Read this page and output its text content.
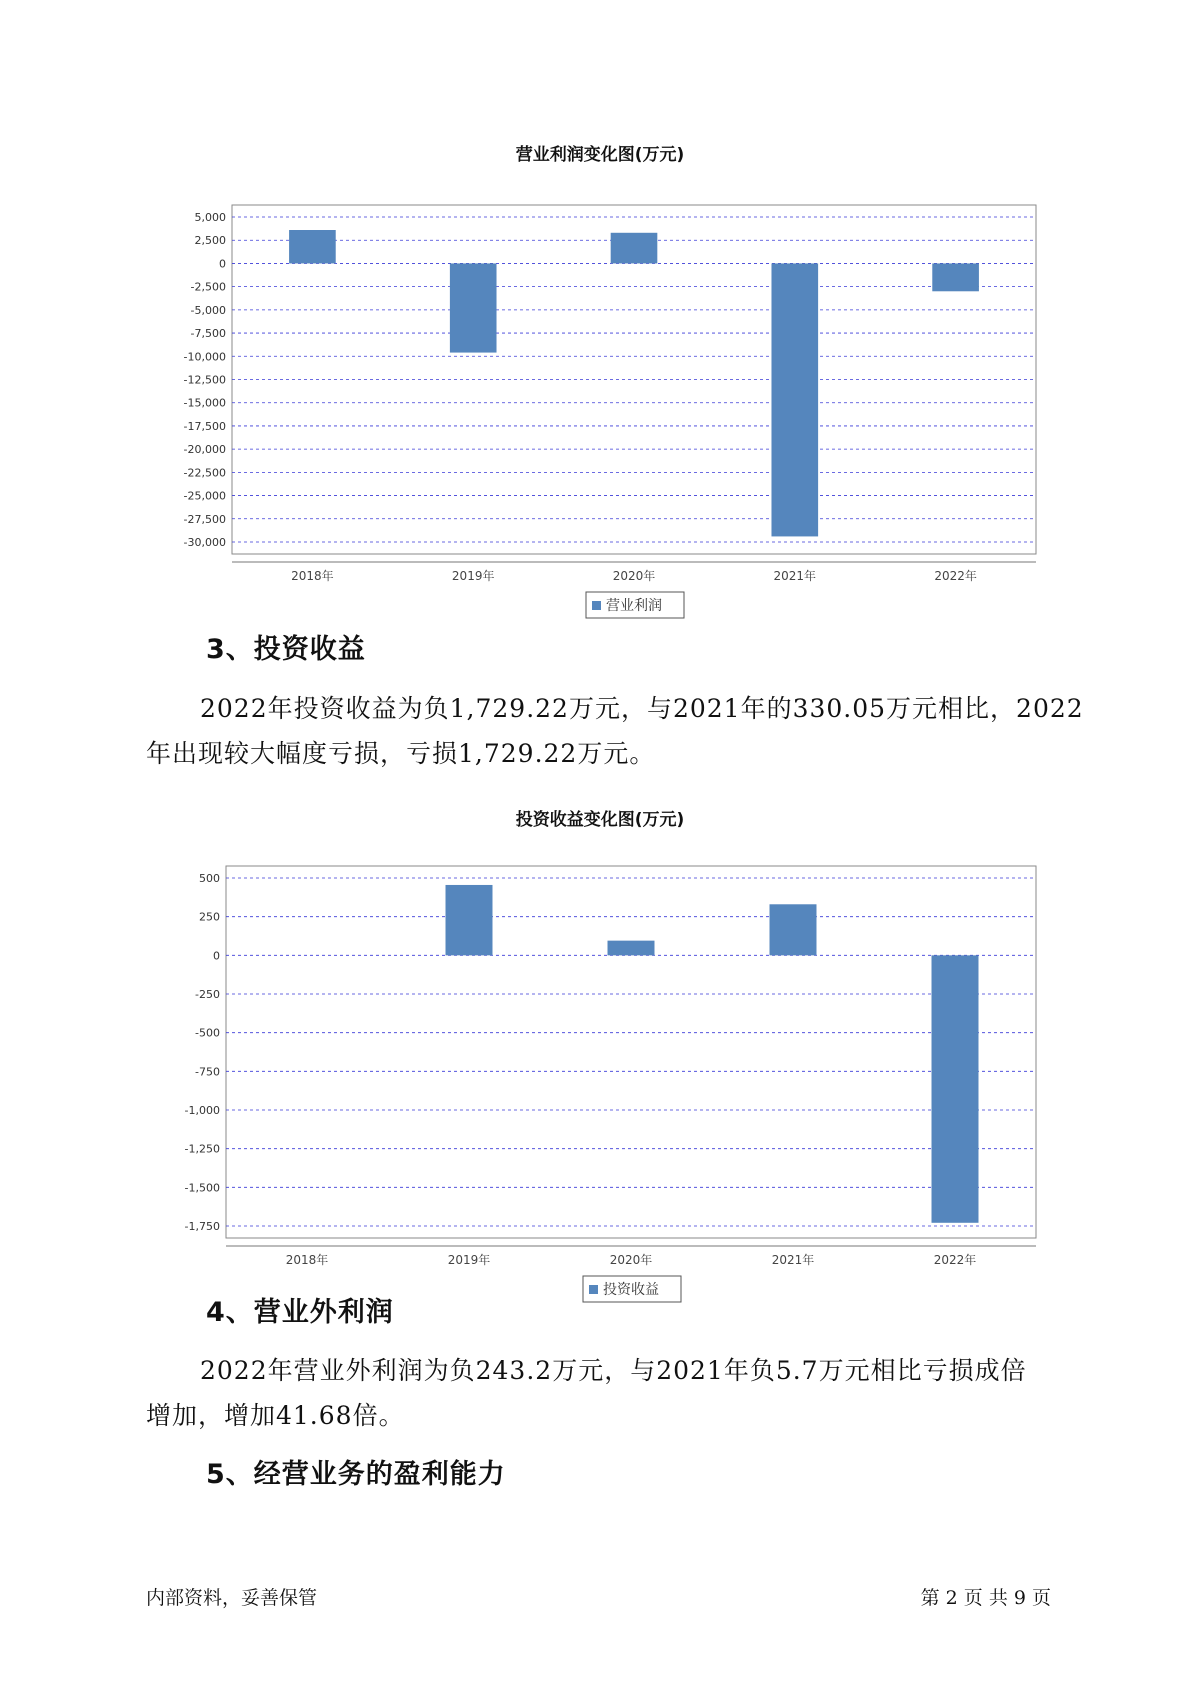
营业利润变化图(万元)
5,000
2,500
0
-2,500
-5,000
-7,500
-10,000
-12,500
-15,000
-17,500
-20,000
-22,500
-25,000
-27,500
-30,000
2018年	2019年	2020年	2021年	2022年
营业利润
3、投资收益
2022年投资收益为负1,729.22万元，与2021年的330.05万元相比，2022
年出现较大幅度亏损，亏损1,729.22万元。
投资收益变化图(万元)
500
250
0
-250
-500
-750
-1,000
-1,250
-1,500
-1,750
2018年	2019年	2020年	2021年	2022年
投资收益
4、营业外利润
2022年营业外利润为负243.2万元，与2021年负5.7万元相比亏损成倍
增加，增加41.68倍。
5、经营业务的盈利能力
内部资料，妥善保管	第 2 页 共 9 页
